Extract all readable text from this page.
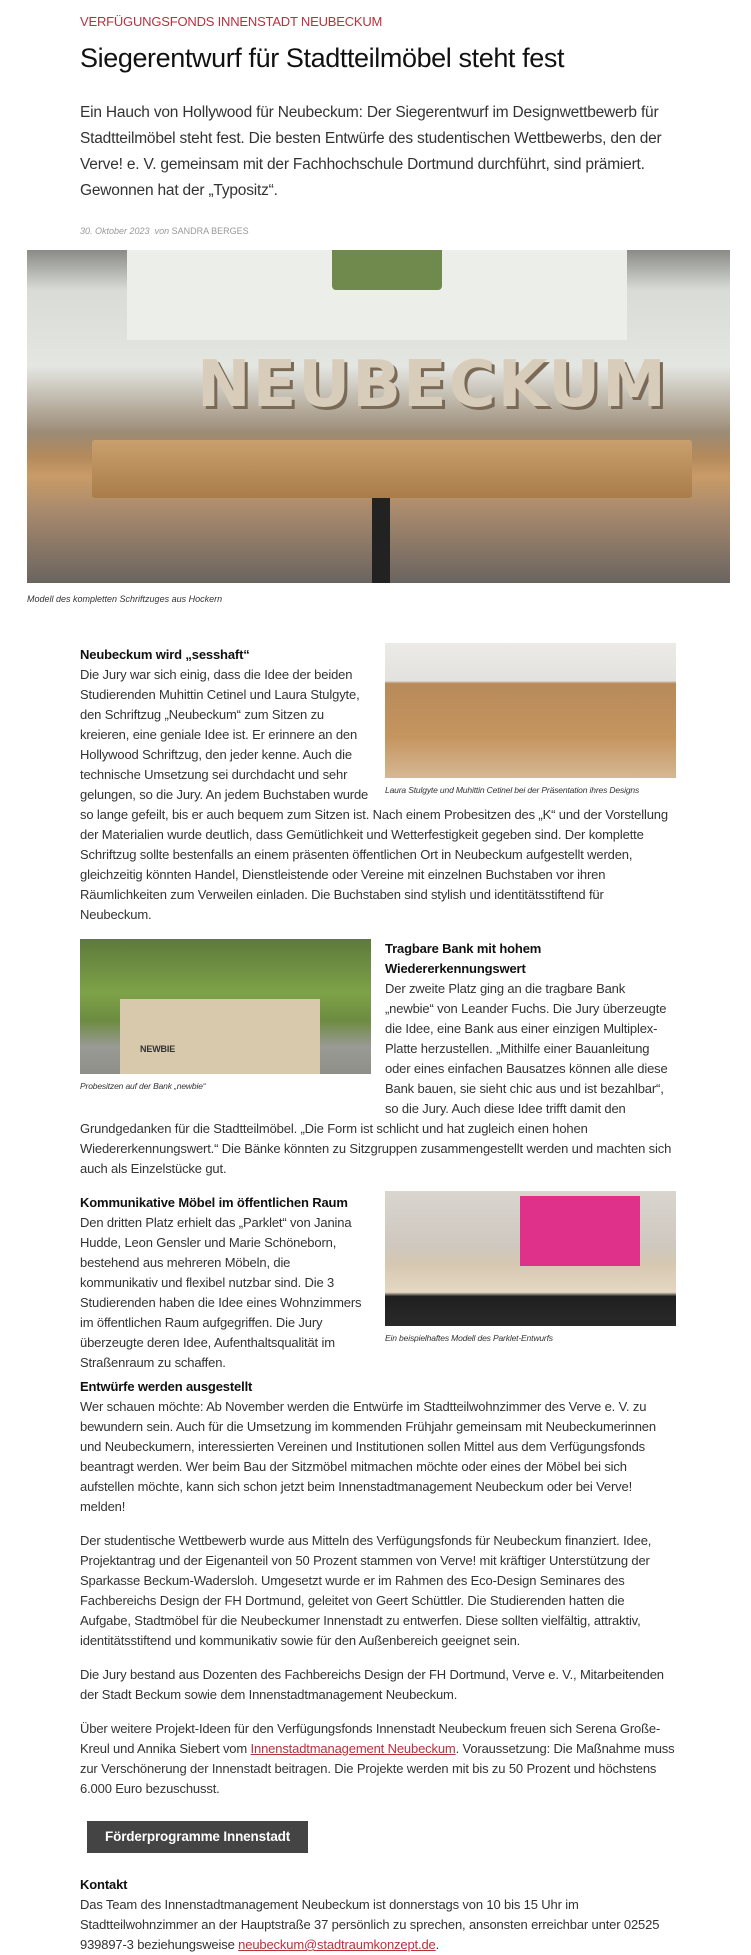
VERFÜGUNGSFONDS INNENSTADT NEUBECKUM
Siegerentwurf für Stadtteilmöbel steht fest

Ein Hauch von Hollywood für Neubeckum: Der Siegerentwurf im Designwettbewerb für Stadtteilmöbel steht fest. Die besten Entwürfe des studentischen Wettbewerbs, den der Verve! e. V. gemeinsam mit der Fachhochschule Dortmund durchführt, sind prämiert. Gewonnen hat der „Typositz“.

30. Oktober 2023 von SANDRA BERGES
NEUBECKUM
Modell des kompletten Schriftzuges aus Hockern
Laura Stulgyte und Muhittin Cetinel bei der Präsentation ihres Designs
Neubeckum wird „sesshaft“

Die Jury war sich einig, dass die Idee der beiden Studierenden Muhittin Cetinel und Laura Stulgyte, den Schriftzug „Neubeckum“ zum Sitzen zu kreieren, eine geniale Idee ist. Er erinnere an den Hollywood Schriftzug, den jeder kenne. Auch die technische Umsetzung sei durchdacht und sehr gelungen, so die Jury. An jedem Buchstaben wurde so lange gefeilt, bis er auch bequem zum Sitzen ist. Nach einem Probesitzen des „K“ und der Vorstellung der Materialien wurde deutlich, dass Gemütlichkeit und Wetterfestigkeit gegeben sind. Der komplette Schriftzug sollte bestenfalls an einem präsenten öffentlichen Ort in Neubeckum aufgestellt werden, gleichzeitig könnten Handel, Dienstleistende oder Vereine mit einzelnen Buchstaben vor ihren Räumlichkeiten zum Verweilen einladen. Die Buchstaben sind stylish und identitätsstiftend für Neubeckum.

NEWBIE
Probesitzen auf der Bank „newbie“
Tragbare Bank mit hohem Wiedererkennungswert

Der zweite Platz ging an die tragbare Bank „newbie“ von Leander Fuchs. Die Jury überzeugte die Idee, eine Bank aus einer einzigen Multiplex-Platte herzustellen. „Mithilfe einer Bauanleitung oder eines einfachen Bausatzes können alle diese Bank bauen, sie sieht chic aus und ist bezahlbar“, so die Jury. Auch diese Idee trifft damit den Grundgedanken für die Stadtteilmöbel. „Die Form ist schlicht und hat zugleich einen hohen Wiedererkennungswert.“ Die Bänke könnten zu Sitzgruppen zusammengestellt werden und machten sich auch als Einzelstücke gut.

Ein beispielhaftes Modell des Parklet-Entwurfs
Kommunikative Möbel im öffentlichen Raum

Den dritten Platz erhielt das „Parklet“ von Janina Hudde, Leon Gensler und Marie Schöneborn, bestehend aus mehreren Möbeln, die kommunikativ und flexibel nutzbar sind. Die 3 Studierenden haben die Idee eines Wohnzimmers im öffentlichen Raum aufgegriffen. Die Jury überzeugte deren Idee, Aufenthaltsqualität im Straßenraum zu schaffen.

Entwürfe werden ausgestellt

Wer schauen möchte: Ab November werden die Entwürfe im Stadtteilwohnzimmer des Verve e. V. zu bewundern sein. Auch für die Umsetzung im kommenden Frühjahr gemeinsam mit Neubeckumerinnen und Neubeckumern, interessierten Vereinen und Institutionen sollen Mittel aus dem Verfügungsfonds beantragt werden. Wer beim Bau der Sitzmöbel mitmachen möchte oder eines der Möbel bei sich aufstellen möchte, kann sich schon jetzt beim Innenstadtmanagement Neubeckum oder bei Verve! melden!

Der studentische Wettbewerb wurde aus Mitteln des Verfügungsfonds für Neubeckum finanziert. Idee, Projektantrag und der Eigenanteil von 50 Prozent stammen von Verve! mit kräftiger Unterstützung der Sparkasse Beckum-Wadersloh. Umgesetzt wurde er im Rahmen des Eco-Design Seminares des Fachbereichs Design der FH Dortmund, geleitet von Geert Schüttler. Die Studierenden hatten die Aufgabe, Stadtmöbel für die Neubeckumer Innenstadt zu entwerfen. Diese sollten vielfältig, attraktiv, identitätsstiftend und kommunikativ sowie für den Außenbereich geeignet sein.

Die Jury bestand aus Dozenten des Fachbereichs Design der FH Dortmund, Verve e. V., Mitarbeitenden der Stadt Beckum sowie dem Innenstadtmanagement Neubeckum.

Über weitere Projekt-Ideen für den Verfügungsfonds Innenstadt Neubeckum freuen sich Serena Große-Kreul und Annika Siebert vom Innenstadtmanagement Neubeckum. Voraussetzung: Die Maßnahme muss zur Verschönerung der Innenstadt beitragen. Die Projekte werden mit bis zu 50 Prozent und höchstens 6.000 Euro bezuschusst.

Förderprogramme Innenstadt
Kontakt

Das Team des Innenstadtmanagement Neubeckum ist donnerstags von 10 bis 15 Uhr im Stadtteilwohnzimmer an der Hauptstraße 37 persönlich zu sprechen, ansonsten erreichbar unter 02525 939897-3 beziehungsweise neubeckum@stadtraumkonzept.de.
